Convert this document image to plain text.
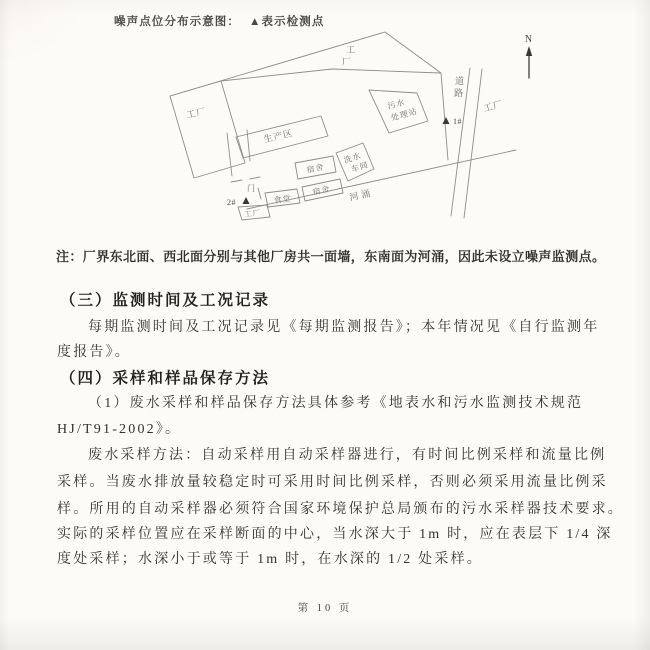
噪声点位分布示意图： ▲表示检测点
工厂
门
生产区
污水
处理站
宿舍
宿舍
食堂
洗水
车间
工厂
河涌
道
路
工
厂
工厂
1#
2#
N
注：厂界东北面、西北面分别与其他厂房共一面墙，东南面为河涌，因此未设立噪声监测点。
（三）监测时间及工况记录
每期监测时间及工况记录见《每期监测报告》；本年情况见《自行监测年
度报告》。
（四）采样和样品保存方法
（1）废水采样和样品保存方法具体参考《地表水和污水监测技术规范
HJ/T91-2002》。
废水采样方法：自动采样用自动采样器进行，有时间比例采样和流量比例
采样。当废水排放量较稳定时可采用时间比例采样，否则必须采用流量比例采
样。所用的自动采样器必须符合国家环境保护总局颁布的污水采样器技术要求。
实际的采样位置应在采样断面的中心，当水深大于 1m 时，应在表层下 1/4 深
度处采样；水深小于或等于 1m 时，在水深的 1/2 处采样。
第 10 页
